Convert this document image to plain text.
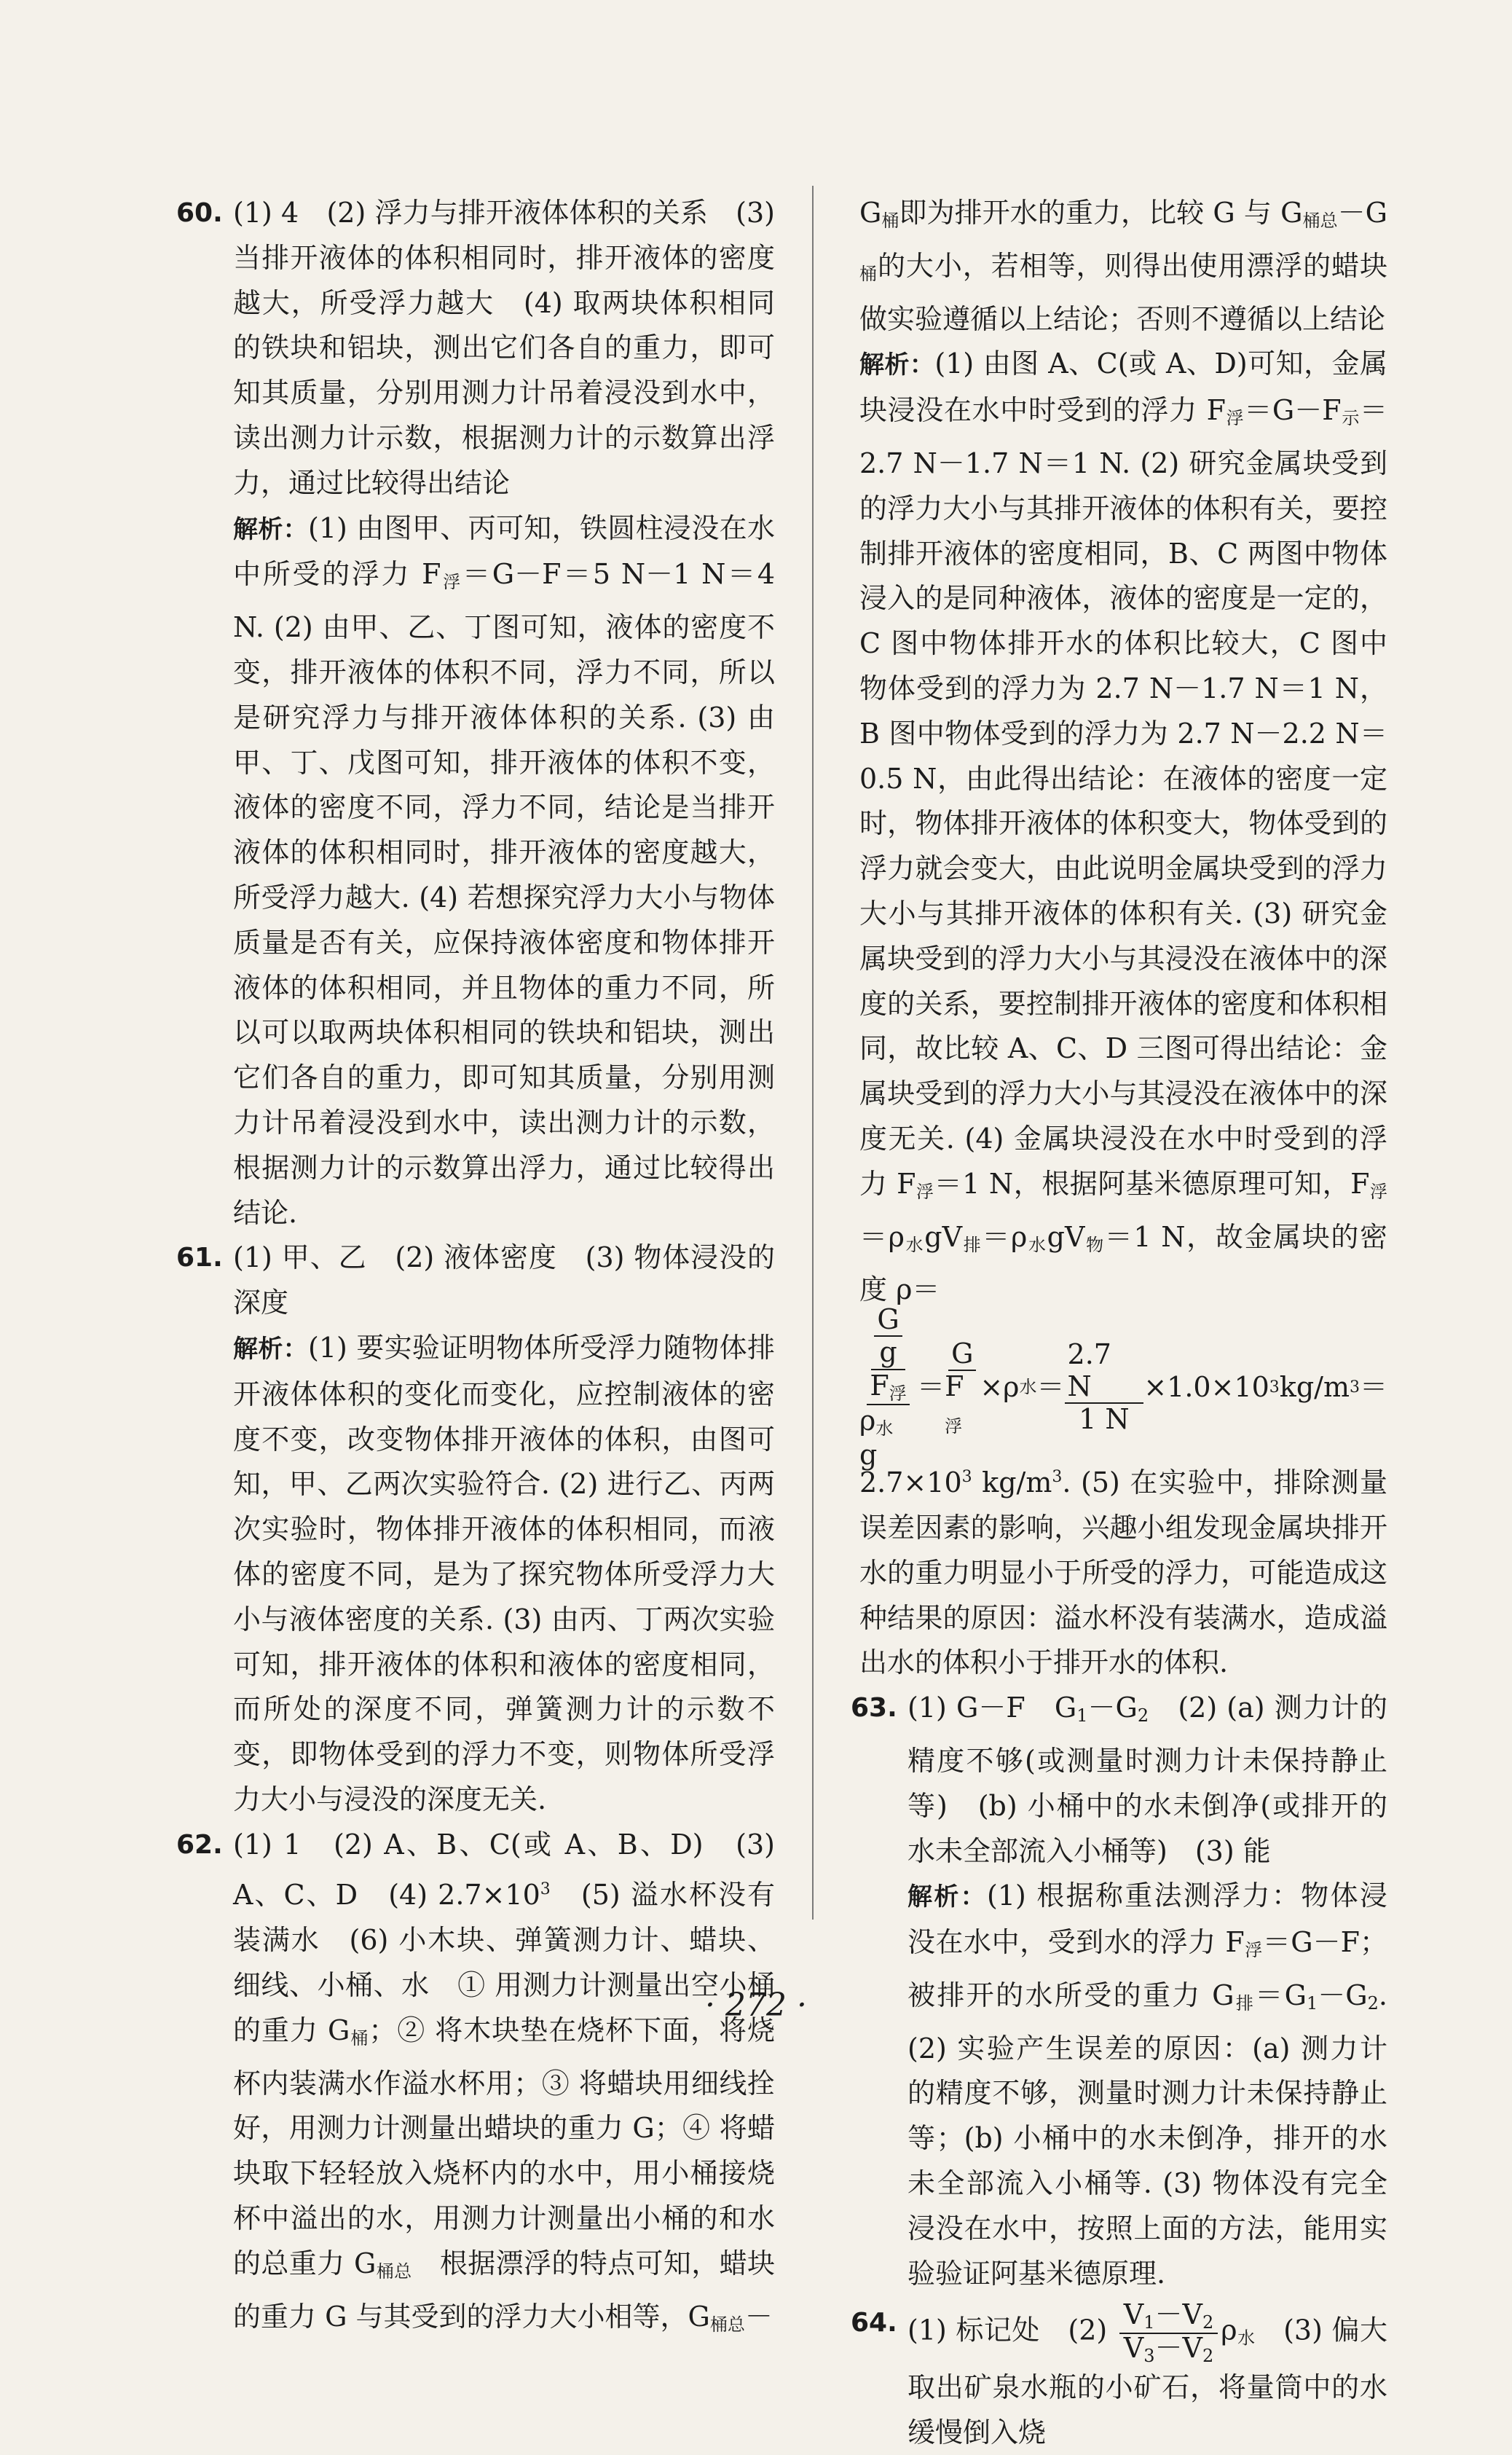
60. (1) 4　(2) 浮力与排开液体体积的关系　(3) 当排开液体的体积相同时，排开液体的密度越大，所受浮力越大　(4) 取两块体积相同的铁块和铝块，测出它们各自的重力，即可知其质量，分别用测力计吊着浸没到水中，读出测力计示数，根据测力计的示数算出浮力，通过比较得出结论

解析：(1) 由图甲、丙可知，铁圆柱浸没在水中所受的浮力 $F_浮=G-F=5$ N－1 N＝4 N. (2) 由甲、乙、丁图可知，液体的密度不变，排开液体的体积不同，浮力不同，所以是研究浮力与排开液体体积的关系. (3) 由甲、丁、戊图可知，排开液体的体积不变，液体的密度不同，浮力不同，结论是当排开液体的体积相同时，排开液体的密度越大，所受浮力越大. (4) 若想探究浮力大小与物体质量是否有关，应保持液体密度和物体排开液体的体积相同，并且物体的重力不同，所以可以取两块体积相同的铁块和铝块，测出它们各自的重力，即可知其质量，分别用测力计吊着浸没到水中，读出测力计的示数，根据测力计的示数算出浮力，通过比较得出结论.

61. (1) 甲、乙　(2) 液体密度　(3) 物体浸没的深度

解析：(1) 要实验证明物体所受浮力随物体排开液体体积的变化而变化，应控制液体的密度不变，改变物体排开液体的体积，由图可知，甲、乙两次实验符合. (2) 进行乙、丙两次实验时，物体排开液体的体积相同，而液体的密度不同，是为了探究物体所受浮力大小与液体密度的关系. (3) 由丙、丁两次实验可知，排开液体的体积和液体的密度相同，而所处的深度不同，弹簧测力计的示数不变，即物体受到的浮力不变，则物体所受浮力大小与浸没的深度无关.

62. (1) 1　(2) A、B、C(或 A、B、D)　(3) A、C、D　(4) $2.7\times 10^3$　(5) 溢水杯没有装满水　(6) 小木块、弹簧测力计、蜡块、细线、小桶、水　① 用测力计测量出空小桶的重力 $G_桶$；② 将木块垫在烧杯下面，将烧杯内装满水作溢水杯用；③ 将蜡块用细线拴好，用测力计测量出蜡块的重力 G；④ 将蜡块取下轻轻放入烧杯内的水中，用小桶接烧杯中溢出的水，用测力计测量出小桶的和水的总重力 $G_{桶总}$　根据漂浮的特点可知，蜡块的重力 G 与其受到的浮力大小相等，$G_{桶总}-$

$G_桶$即为排开水的重力，比较 G 与 $G_{桶总}-G_桶$的大小，若相等，则得出使用漂浮的蜡块做实验遵循以上结论；否则不遵循以上结论

解析：(1) 由图 A、C(或 A、D)可知，金属块浸没在水中时受到的浮力 $F_浮=G-F_示=2.7$ N－1.7 N＝1 N. (2) 研究金属块受到的浮力大小与其排开液体的体积有关，要控制排开液体的密度相同，B、C 两图中物体浸入的是同种液体，液体的密度是一定的，C 图中物体排开水的体积比较大，C 图中物体受到的浮力为 2.7 N－1.7 N＝1 N，B 图中物体受到的浮力为 2.7 N－2.2 N＝0.5 N，由此得出结论：在液体的密度一定时，物体排开液体的体积变大，物体受到的浮力就会变大，由此说明金属块受到的浮力大小与其排开液体的体积有关. (3) 研究金属块受到的浮力大小与其浸没在液体中的深度的关系，要控制排开液体的密度和体积相同，故比较 A、C、D 三图可得出结论：金属块受到的浮力大小与其浸没在液体中的深度无关. (4) 金属块浸没在水中时受到的浮力 $F_浮=1$ N，根据阿基米德原理可知，$F_浮=\rho_水gV_排=\rho_水gV_物=1$ N，故金属块的密度 ρ＝

$\frac{G}{g}$
$F_浮$
$\rho_水$ g
＝
G
$F_浮$
×ρ 水 ＝ $\frac{2.7 N}{1 N} \times 1.0\times 10$ 3 kg/m 3 ＝

$2.7\times 10^3$ $kg/m^3$. (5) 在实验中，排除测量误差因素的影响，兴趣小组发现金属块排开水的重力明显小于所受的浮力，可能造成这种结果的原因：溢水杯没有装满水，造成溢出水的体积小于排开水的体积.

63. (1) G－F　$G_1-G_2$　(2) (a) 测力计的精度不够(或测量时测力计未保持静止等)　(b) 小桶中的水未倒净(或排开的水未全部流入小桶等)　(3) 能

解析：(1) 根据称重法测浮力：物体浸没在水中，受到水的浮力 $F_浮=G-F$；被排开的水所受的重力 $G_排=G_1-G_2$. (2) 实验产生误差的原因：(a) 测力计的精度不够，测量时测力计未保持静止等；(b) 小桶中的水未倒净，排开的水未全部流入小桶等. (3) 物体没有完全浸没在水中，按照上面的方法，能用实验验证阿基米德原理.

64. (1) 标记处　$(2) \frac{V_1-V_2}{V_3-V_2} \rho_水$　(3) 偏大　取出矿泉水瓶的小矿石，将量筒中的水缓慢倒入烧

· 272 ·
